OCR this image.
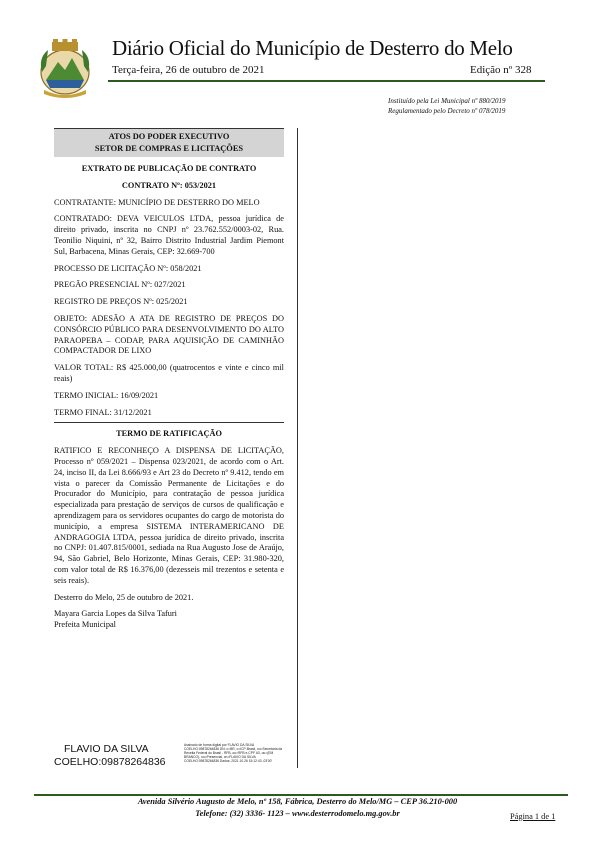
Diário Oficial do Município de Desterro do Melo
Terça-feira, 26 de outubro de 2021	Edição nº 328
Instituído pela Lei Municipal nº 880/2019
Regulamentado pelo Decreto nº 078/2019
ATOS DO PODER EXECUTIVO
SETOR DE COMPRAS E LICITAÇÕES

EXTRATO DE PUBLICAÇÃO DE CONTRATO

CONTRATO Nº: 053/2021

CONTRATANTE: MUNICÍPIO DE DESTERRO DO MELO

CONTRATADO: DEVA VEICULOS LTDA, pessoa jurídica de direito privado, inscrita no CNPJ nº 23.762.552/0003-02, Rua. Teonilio Niquini, nº 32, Bairro Distrito Industrial Jardim Piemont Sul, Barbacena, Minas Gerais, CEP: 32.669-700

PROCESSO DE LICITAÇÃO Nº: 058/2021

PREGÃO PRESENCIAL Nº: 027/2021

REGISTRO DE PREÇOS Nº: 025/2021

OBJETO: ADESÃO A ATA DE REGISTRO DE PREÇOS DO CONSÓRCIO PÚBLICO PARA DESENVOLVIMENTO DO ALTO PARAOPEBA – CODAP, PARA AQUISIÇÃO DE CAMINHÃO COMPACTADOR DE LIXO

VALOR TOTAL: R$ 425.000,00 (quatrocentos e vinte e cinco mil reais)

TERMO INICIAL: 16/09/2021

TERMO FINAL: 31/12/2021

TERMO DE RATIFICAÇÃO

RATIFICO E RECONHEÇO A DISPENSA DE LICITAÇÃO, Processo nº 059/2021 – Dispensa 023/2021, de acordo com o Art. 24, inciso II, da Lei 8.666/93 e Art 23 do Decreto nº 9.412, tendo em vista o parecer da Comissão Permanente de Licitações e do Procurador do Município, para contratação de pessoa jurídica especializada para prestação de serviços de cursos de qualificação e aprendizagem para os servidores ocupantes do cargo de motorista do município, a empresa SISTEMA INTERAMERICANO DE ANDRAGOGIA LTDA, pessoa jurídica de direito privado, inscrita no CNPJ: 01.407.815/0001, sediada na Rua Augusto Jose de Araújo, 94, São Gabriel, Belo Horizonte, Minas Gerais, CEP: 31.980-320, com valor total de R$ 16.376,00 (dezesseis mil trezentos e setenta e seis reais).

Desterro do Melo, 25 de outubro de 2021.

Mayara Garcia Lopes da Silva Tafuri

Prefeita Municipal

FLAVIO DA SILVA
COELHO:09878264836
Assinado de forma digital por FLAVIO DA SILVA COELHO:09878264836 DN: c=BR, o=ICP-Brasil, ou=Secretaria da Receita Federal do Brasil - RFB, ou=RFB e-CPF A3, ou=(EM BRANCO), ou=Presencial, cn=FLAVIO DA SILVA COELHO:09878264836 Dados: 2021.10.26 15:12:43 -03'00'
Avenida Silvério Augusto de Melo, nº 158, Fábrica, Desterro do Melo/MG – CEP 36.210-000
Telefone: (32) 3336- 1123 – www.desterrodomelo.mg.gov.br	Página 1 de 1
